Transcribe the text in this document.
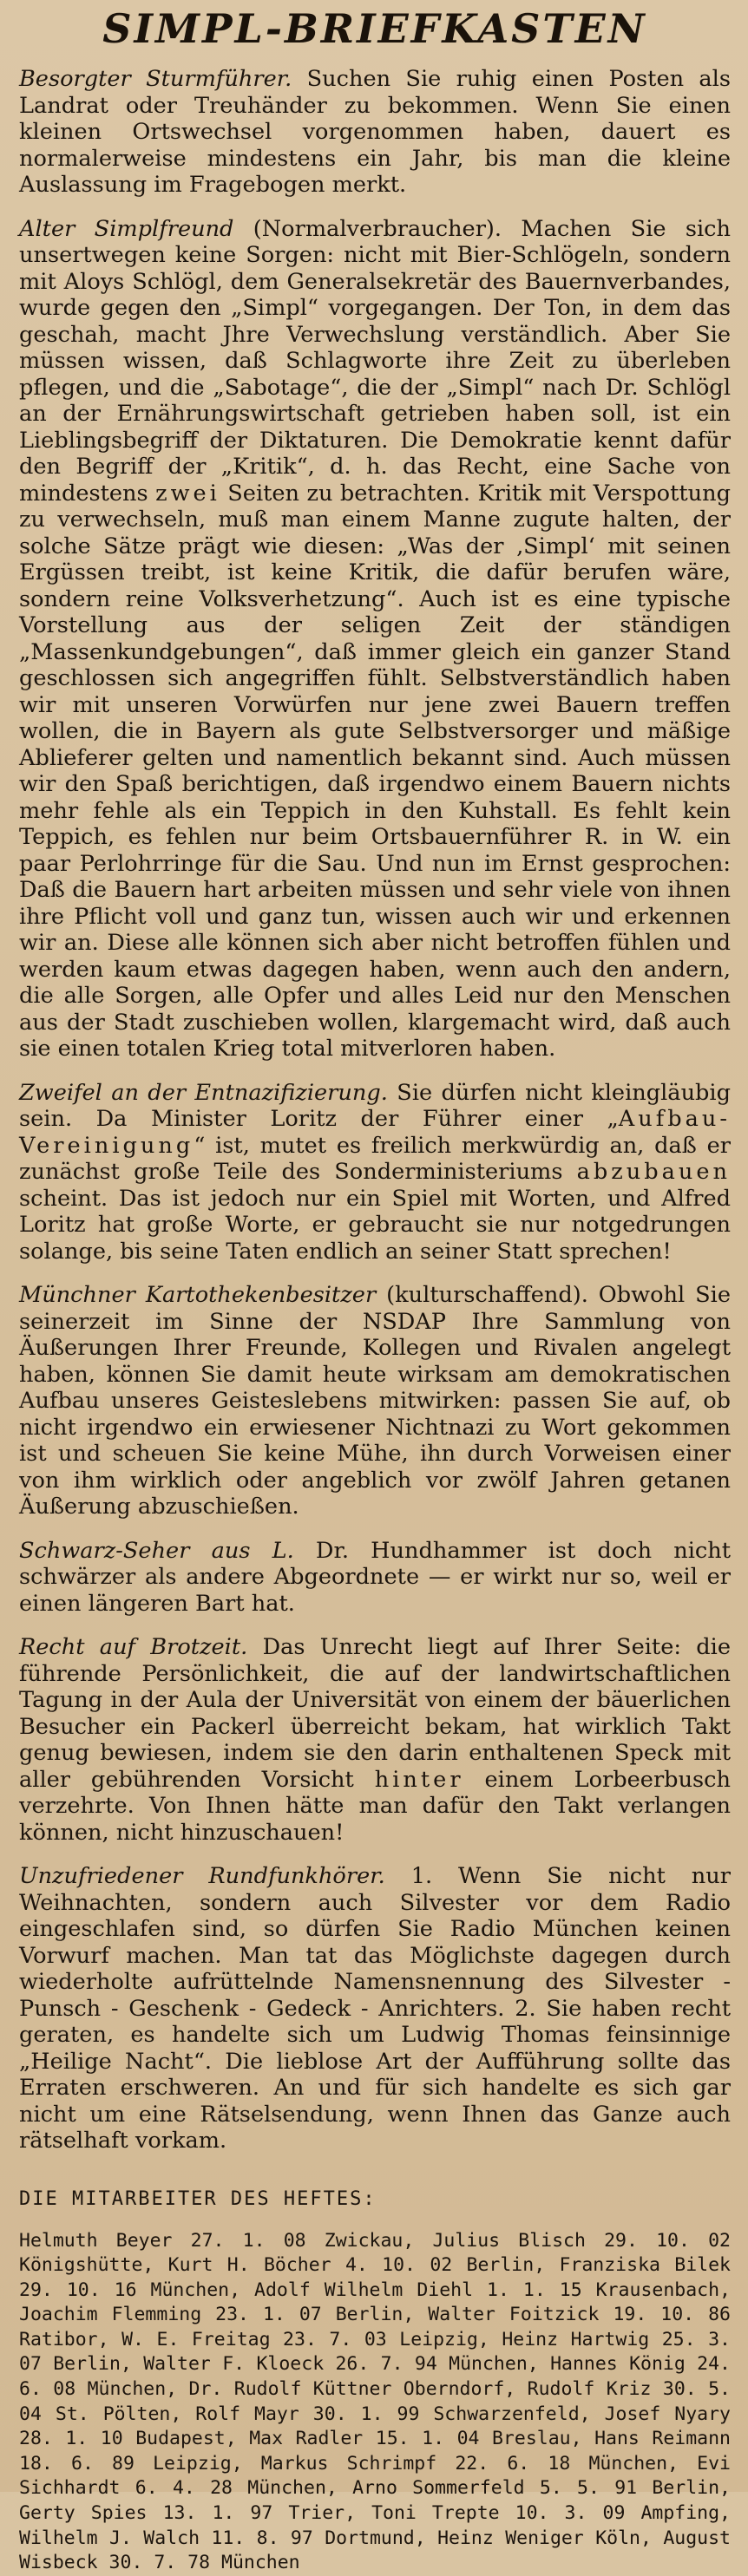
SIMPL-BRIEFKASTEN

Besorgter Sturmführer. Suchen Sie ruhig einen Posten als Landrat oder Treuhänder zu bekommen. Wenn Sie einen kleinen Ortswechsel vorgenommen haben, dauert es normalerweise mindestens ein Jahr, bis man die kleine Auslassung im Fragebogen merkt.

Alter Simplfreund (Normalverbraucher). Machen Sie sich unsertwegen keine Sorgen: nicht mit Bier-Schlögeln, sondern mit Aloys Schlögl, dem Generalsekretär des Bauernverbandes, wurde gegen den „Simpl“ vorgegangen. Der Ton, in dem das geschah, macht Jhre Verwechslung verständlich. Aber Sie müssen wissen, daß Schlagworte ihre Zeit zu überleben pflegen, und die „Sabotage“, die der „Simpl“ nach Dr. Schlögl an der Ernährungswirtschaft getrieben haben soll, ist ein Lieblingsbegriff der Diktaturen. Die Demokratie kennt dafür den Begriff der „Kritik“, d. h. das Recht, eine Sache von mindestens zwei Seiten zu betrachten. Kritik mit Verspottung zu verwechseln, muß man einem Manne zugute halten, der solche Sätze prägt wie diesen: „Was der ‚Simpl‘ mit seinen Ergüssen treibt, ist keine Kritik, die dafür berufen wäre, sondern reine Volksverhetzung“. Auch ist es eine typische Vorstellung aus der seligen Zeit der ständigen „Massenkundgebungen“, daß immer gleich ein ganzer Stand geschlossen sich angegriffen fühlt. Selbstverständlich haben wir mit unseren Vorwürfen nur jene zwei Bauern treffen wollen, die in Bayern als gute Selbstversorger und mäßige Ablieferer gelten und namentlich bekannt sind. Auch müssen wir den Spaß berichtigen, daß irgendwo einem Bauern nichts mehr fehle als ein Teppich in den Kuhstall. Es fehlt kein Teppich, es fehlen nur beim Ortsbauernführer R. in W. ein paar Perlohrringe für die Sau. Und nun im Ernst gesprochen: Daß die Bauern hart arbeiten müssen und sehr viele von ihnen ihre Pflicht voll und ganz tun, wissen auch wir und erkennen wir an. Diese alle können sich aber nicht betroffen fühlen und werden kaum etwas dagegen haben, wenn auch den andern, die alle Sorgen, alle Opfer und alles Leid nur den Menschen aus der Stadt zuschieben wollen, klargemacht wird, daß auch sie einen totalen Krieg total mitverloren haben.

Zweifel an der Entnazifizierung. Sie dürfen nicht kleingläubig sein. Da Minister Loritz der Führer einer „Aufbau-Vereinigung“ ist, mutet es freilich merkwürdig an, daß er zunächst große Teile des Sonderministeriums abzubauen scheint. Das ist jedoch nur ein Spiel mit Worten, und Alfred Loritz hat große Worte, er gebraucht sie nur notgedrungen solange, bis seine Taten endlich an seiner Statt sprechen!

Münchner Kartothekenbesitzer (kulturschaffend). Obwohl Sie seinerzeit im Sinne der NSDAP Ihre Sammlung von Äußerungen Ihrer Freunde, Kollegen und Rivalen angelegt haben, können Sie damit heute wirksam am demokratischen Aufbau unseres Geisteslebens mitwirken: passen Sie auf, ob nicht irgendwo ein erwiesener Nichtnazi zu Wort gekommen ist und scheuen Sie keine Mühe, ihn durch Vorweisen einer von ihm wirklich oder angeblich vor zwölf Jahren getanen Äußerung abzuschießen.

Schwarz-Seher aus L. Dr. Hundhammer ist doch nicht schwärzer als andere Abgeordnete — er wirkt nur so, weil er einen längeren Bart hat.

Recht auf Brotzeit. Das Unrecht liegt auf Ihrer Seite: die führende Persönlichkeit, die auf der landwirtschaftlichen Tagung in der Aula der Universität von einem der bäuerlichen Besucher ein Packerl überreicht bekam, hat wirklich Takt genug bewiesen, indem sie den darin enthaltenen Speck mit aller gebührenden Vorsicht hinter einem Lorbeerbusch verzehrte. Von Ihnen hätte man dafür den Takt verlangen können, nicht hinzuschauen!

Unzufriedener Rundfunkhörer. 1. Wenn Sie nicht nur Weihnachten, sondern auch Silvester vor dem Radio eingeschlafen sind, so dürfen Sie Radio München keinen Vorwurf machen. Man tat das Möglichste dagegen durch wiederholte aufrüttelnde Namensnennung des Silvester - Punsch - Geschenk - Gedeck - Anrichters. 2. Sie haben recht geraten, es handelte sich um Ludwig Thomas feinsinnige „Heilige Nacht“. Die lieblose Art der Aufführung sollte das Erraten erschweren. An und für sich handelte es sich gar nicht um eine Rätselsendung, wenn Ihnen das Ganze auch rätselhaft vorkam.

DIE MITARBEITER DES HEFTES:

Helmuth Beyer 27. 1. 08 Zwickau, Julius Blisch 29. 10. 02 Königshütte, Kurt H. Böcher 4. 10. 02 Berlin, Franziska Bilek 29. 10. 16 München, Adolf Wilhelm Diehl 1. 1. 15 Krausenbach, Joachim Flemming 23. 1. 07 Berlin, Walter Foitzick 19. 10. 86 Ratibor, W. E. Freitag 23. 7. 03 Leipzig, Heinz Hartwig 25. 3. 07 Berlin, Walter F. Kloeck 26. 7. 94 München, Hannes König 24. 6. 08 München, Dr. Rudolf Küttner Oberndorf, Rudolf Kriz 30. 5. 04 St. Pölten, Rolf Mayr 30. 1. 99 Schwarzenfeld, Josef Nyary 28. 1. 10 Budapest, Max Radler 15. 1. 04 Breslau, Hans Reimann 18. 6. 89 Leipzig, Markus Schrimpf 22. 6. 18 München, Evi Sichhardt 6. 4. 28 München, Arno Sommerfeld 5. 5. 91 Berlin, Gerty Spies 13. 1. 97 Trier, Toni Trepte 10. 3. 09 Ampfing, Wilhelm J. Walch 11. 8. 97 Dortmund, Heinz Weniger Köln, August Wisbeck 30. 7. 78 München
